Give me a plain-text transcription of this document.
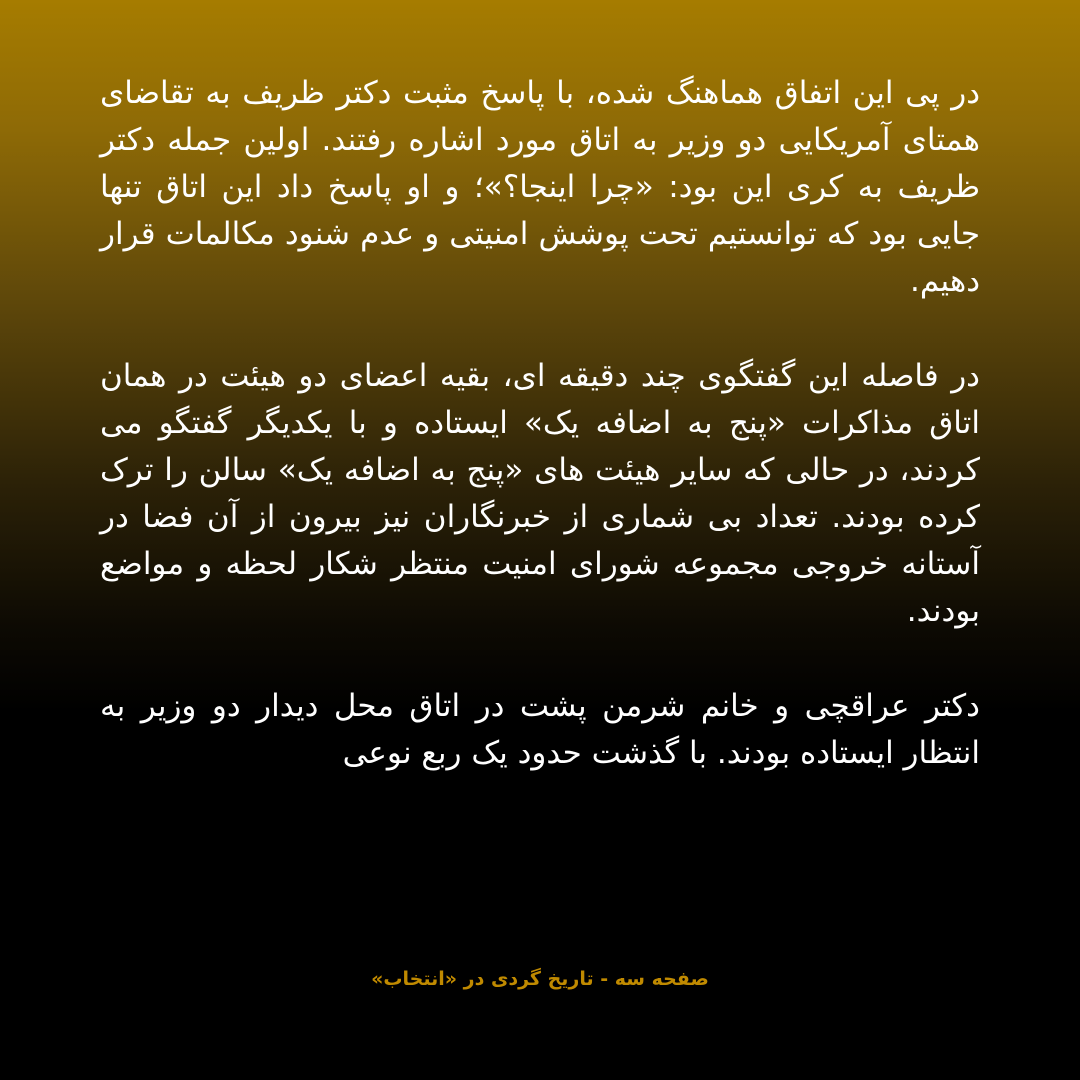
در پی این اتفاق هماهنگ شده، با پاسخ مثبت دکتر ظریف به تقاضای همتای آمریکایی دو وزیر به اتاق مورد اشاره رفتند. اولین جمله دکتر ظریف به کری این بود: «چرا اینجا؟»؛ و او پاسخ داد این اتاق تنها جایی بود که توانستیم تحت پوشش امنیتی و عدم شنود مکالمات قرار دهیم.

در فاصله این گفتگوی چند دقیقه ای، بقیه اعضای دو هیئت در همان اتاق مذاکرات «پنج به اضافه یک» ایستاده و با یکدیگر گفتگو می کردند، در حالی که سایر هیئت های «پنج به اضافه یک» سالن را ترک کرده بودند. تعداد بی شماری از خبرنگاران نیز بیرون از آن فضا در آستانه خروجی مجموعه شورای امنیت منتظر شکار لحظه و مواضع بودند.

دکتر عراقچی و خانم شرمن پشت در اتاق محل دیدار دو وزیر به انتظار ایستاده بودند. با گذشت حدود یک ربع نوعی

صفحه سه - تاریخ گردی در «انتخاب»
